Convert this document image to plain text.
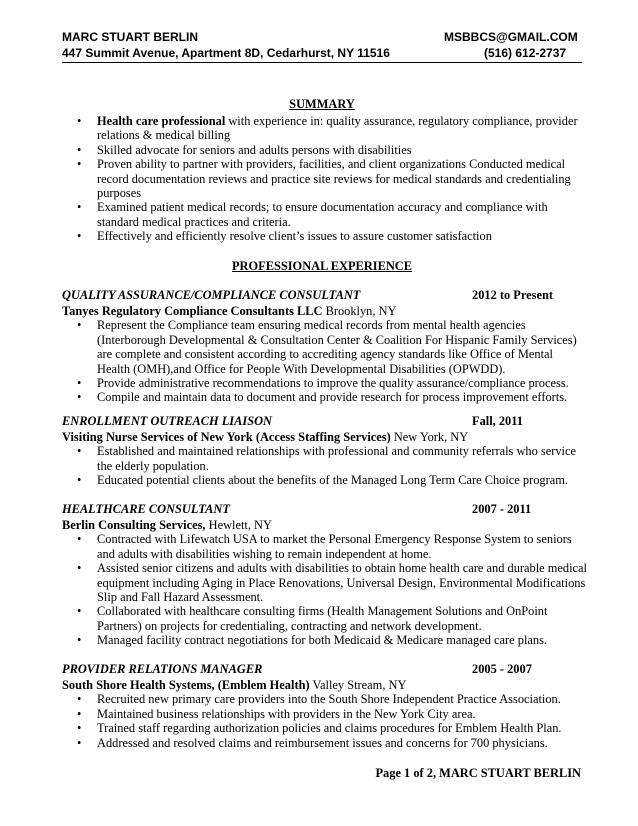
MARC STUART BERLIN	MSBBCS@GMAIL.COM
447 Summit Avenue, Apartment 8D, Cedarhurst, NY 11516	(516) 612-2737
SUMMARY
• Health care professional with experience in: quality assurance, regulatory compliance, provider relations & medical billing
• Skilled advocate for seniors and adults persons with disabilities
• Proven ability to partner with providers, facilities, and client organizations Conducted medical record documentation reviews and practice site reviews for medical standards and credentialing purposes
• Examined patient medical records; to ensure documentation accuracy and compliance with standard medical practices and criteria.
• Effectively and efficiently resolve client’s issues to assure customer satisfaction
PROFESSIONAL EXPERIENCE
QUALITY ASSURANCE/COMPLIANCE CONSULTANT	2012 to Present
Tanyes Regulatory Compliance Consultants LLC Brooklyn, NY
• Represent the Compliance team ensuring medical records from mental health agencies (Interborough Developmental & Consultation Center & Coalition For Hispanic Family Services) are complete and consistent according to accrediting agency standards like Office of Mental Health (OMH),and Office for People With Developmental Disabilities (OPWDD).
• Provide administrative recommendations to improve the quality assurance/compliance process.
• Compile and maintain data to document and provide research for process improvement efforts.
ENROLLMENT OUTREACH LIAISON	Fall, 2011
Visiting Nurse Services of New York (Access Staffing Services) New York, NY
• Established and maintained relationships with professional and community referrals who service the elderly population.
• Educated potential clients about the benefits of the Managed Long Term Care Choice program.
HEALTHCARE CONSULTANT	2007 - 2011
Berlin Consulting Services, Hewlett, NY
• Contracted with Lifewatch USA to market the Personal Emergency Response System to seniors and adults with disabilities wishing to remain independent at home.
• Assisted senior citizens and adults with disabilities to obtain home health care and durable medical equipment including Aging in Place Renovations, Universal Design, Environmental Modifications Slip and Fall Hazard Assessment.
• Collaborated with healthcare consulting firms (Health Management Solutions and OnPoint Partners) on projects for credentialing, contracting and network development.
• Managed facility contract negotiations for both Medicaid & Medicare managed care plans.
PROVIDER RELATIONS MANAGER	2005 - 2007
South Shore Health Systems, (Emblem Health) Valley Stream, NY
• Recruited new primary care providers into the South Shore Independent Practice Association.
• Maintained business relationships with providers in the New York City area.
• Trained staff regarding authorization policies and claims procedures for Emblem Health Plan.
• Addressed and resolved claims and reimbursement issues and concerns for 700 physicians.
Page 1 of 2, MARC STUART BERLIN
